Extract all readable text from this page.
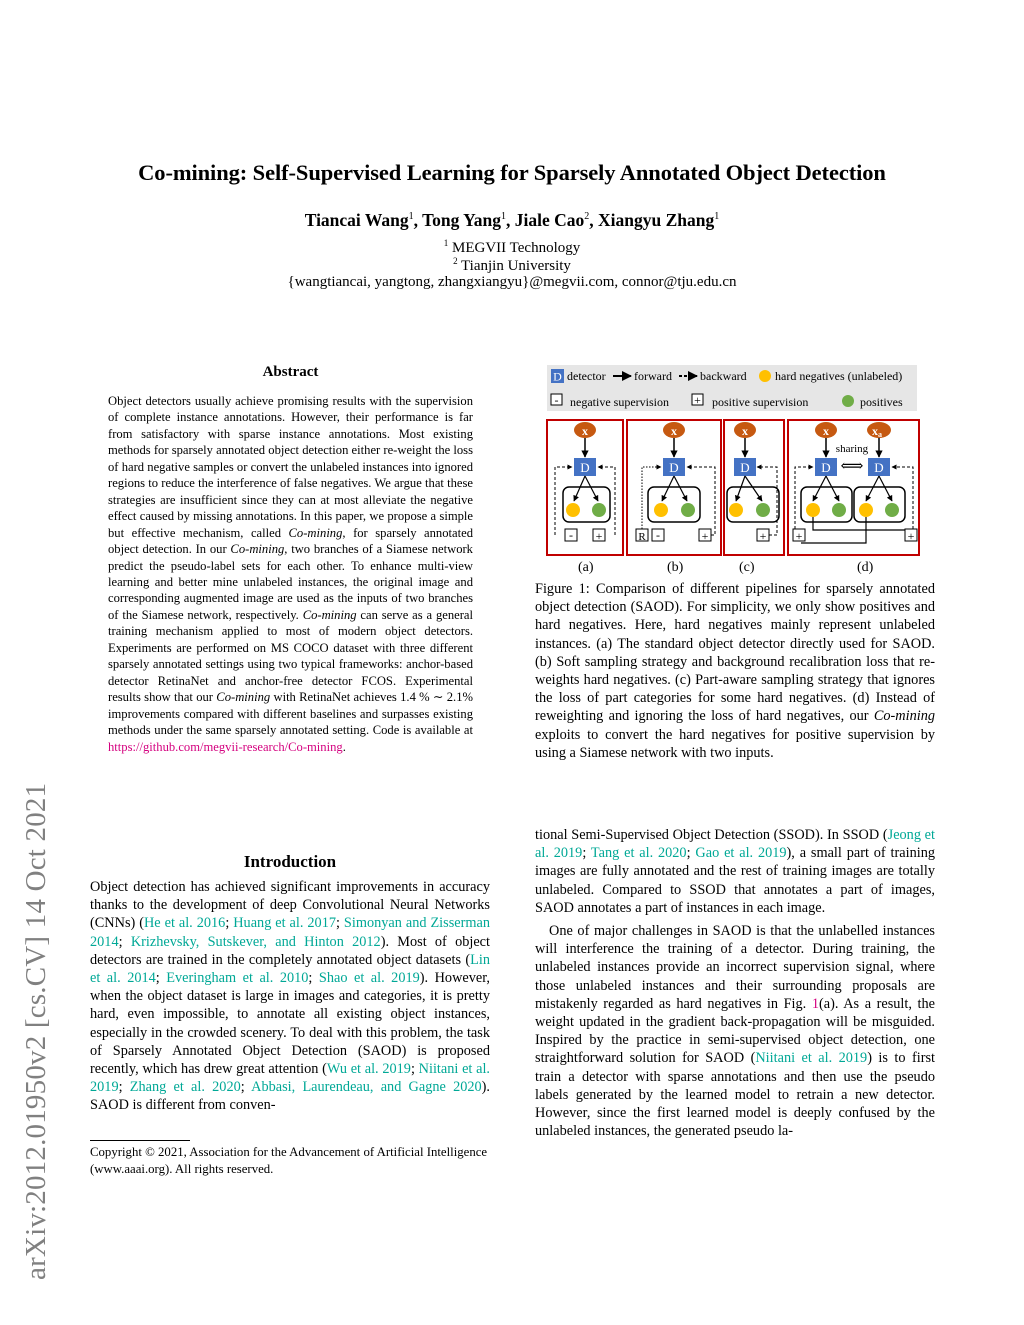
arXiv:2012.01950v2 [cs.CV] 14 Oct 2021
Co-mining: Self-Supervised Learning for Sparsely Annotated Object Detection
Tiancai Wang$^1$, Tong Yang$^1$, Jiale Cao$^2$, Xiangyu Zhang$^1$
$^1$ MEGVII Technology
$^2$ Tianjin University
{wangtiancai, yangtong, zhangxiangyu}@megvii.com, connor@tju.edu.cn
Abstract

Object detectors usually achieve promising results with the supervision of complete instance annotations. However, their performance is far from satisfactory with sparse instance annotations. Most existing methods for sparsely annotated object detection either re-weight the loss of hard negative samples or convert the unlabeled instances into ignored regions to reduce the interference of false negatives. We argue that these strategies are insufficient since they can at most alleviate the negative effect caused by missing annotations. In this paper, we propose a simple but effective mechanism, called Co-mining, for sparsely annotated object detection. In our Co-mining, two branches of a Siamese network predict the pseudo-label sets for each other. To enhance multi-view learning and better mine unlabeled instances, the original image and corresponding augmented image are used as the inputs of two branches of the Siamese network, respectively. Co-mining can serve as a general training mechanism applied to most of modern object detectors. Experiments are performed on MS COCO dataset with three different sparsely annotated settings using two typical frameworks: anchor-based detector RetinaNet and anchor-free detector FCOS. Experimental results show that our Co-mining with RetinaNet achieves 1.4 % ∼ 2.1% improvements compared with different baselines and surpasses existing methods under the same sparsely annotated setting. Code is available at https://github.com/megvii-research/Co-mining.

Introduction

Object detection has achieved significant improvements in accuracy thanks to the development of deep Convolutional Neural Networks (CNNs) (He et al. 2016; Huang et al. 2017; Simonyan and Zisserman 2014; Krizhevsky, Sutskever, and Hinton 2012). Most of object detectors are trained in the completely annotated object datasets (Lin et al. 2014; Everingham et al. 2010; Shao et al. 2019). However, when the object dataset is large in images and categories, it is pretty hard, even impossible, to annotate all existing object instances, especially in the crowded scenery. To deal with this problem, the task of Sparsely Annotated Object Detection (SAOD) is proposed recently, which has drew great attention (Wu et al. 2019; Niitani et al. 2019; Zhang et al. 2020; Abbasi, Laurendeau, and Gagne 2020). SAOD is different from conven-

Copyright © 2021, Association for the Advancement of Artificial Intelligence (www.aaai.org). All rights reserved.
D detector forward backward hard negatives (unlabeled)
- negative supervision + positive supervision	positives
x
D
- +
x
D
R -	+
x
D
+
x	xa
sharing
D	D
⟺
+	+
(a)	(b)	(c)	(d)

Figure 1: Comparison of different pipelines for sparsely annotated object detection (SAOD). For simplicity, we only show positives and hard negatives. Here, hard negatives mainly represent unlabeled instances. (a) The standard object detector directly used for SAOD. (b) Soft sampling strategy and background recalibration loss that re-weights hard negatives. (c) Part-aware sampling strategy that ignores the loss of part categories for some hard negatives. (d) Instead of reweighting and ignoring the loss of hard negatives, our Co-mining exploits to convert the hard negatives for positive supervision by using a Siamese network with two inputs.

tional Semi-Supervised Object Detection (SSOD). In SSOD (Jeong et al. 2019; Tang et al. 2020; Gao et al. 2019), a small part of training images are fully annotated and the rest of training images are totally unlabeled. Compared to SSOD that annotates a part of images, SAOD annotates a part of instances in each image.

One of major challenges in SAOD is that the unlabelled instances will interference the training of a detector. During training, the unlabeled instances provide an incorrect supervision signal, where those unlabeled instances and their surrounding proposals are mistakenly regarded as hard negatives in Fig. 1(a). As a result, the weight updated in the gradient back-propagation will be misguided. Inspired by the practice in semi-supervised object detection, one straightforward solution for SAOD (Niitani et al. 2019) is to first train a detector with sparse annotations and then use the pseudo labels generated by the learned model to retrain a new detector. However, since the first learned model is deeply confused by the unlabeled instances, the generated pseudo la-
